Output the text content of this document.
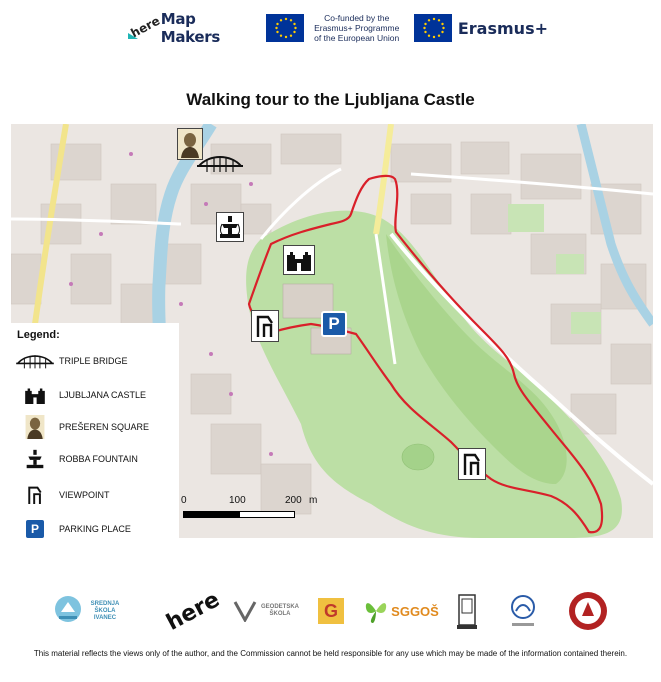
here
Map Makers
Co-funded by the Erasmus+ Programme of the European Union
Erasmus+
Walking tour to the Ljubljana Castle
P
Legend:
TRIPLE BRIDGE
LJUBLJANA CASTLE
PREŠEREN SQUARE
ROBBA FOUNTAIN
VIEWPOINT
P	PARKING PLACE
0	100	200 m
SREDNJA ŠKOLA IVANEC	here	GEODETSKA ŠKOLA	G	SGGOŠ
This material reflects the views only of the author, and the Commission cannot be held responsible for any use which may be made of the information contained therein.
